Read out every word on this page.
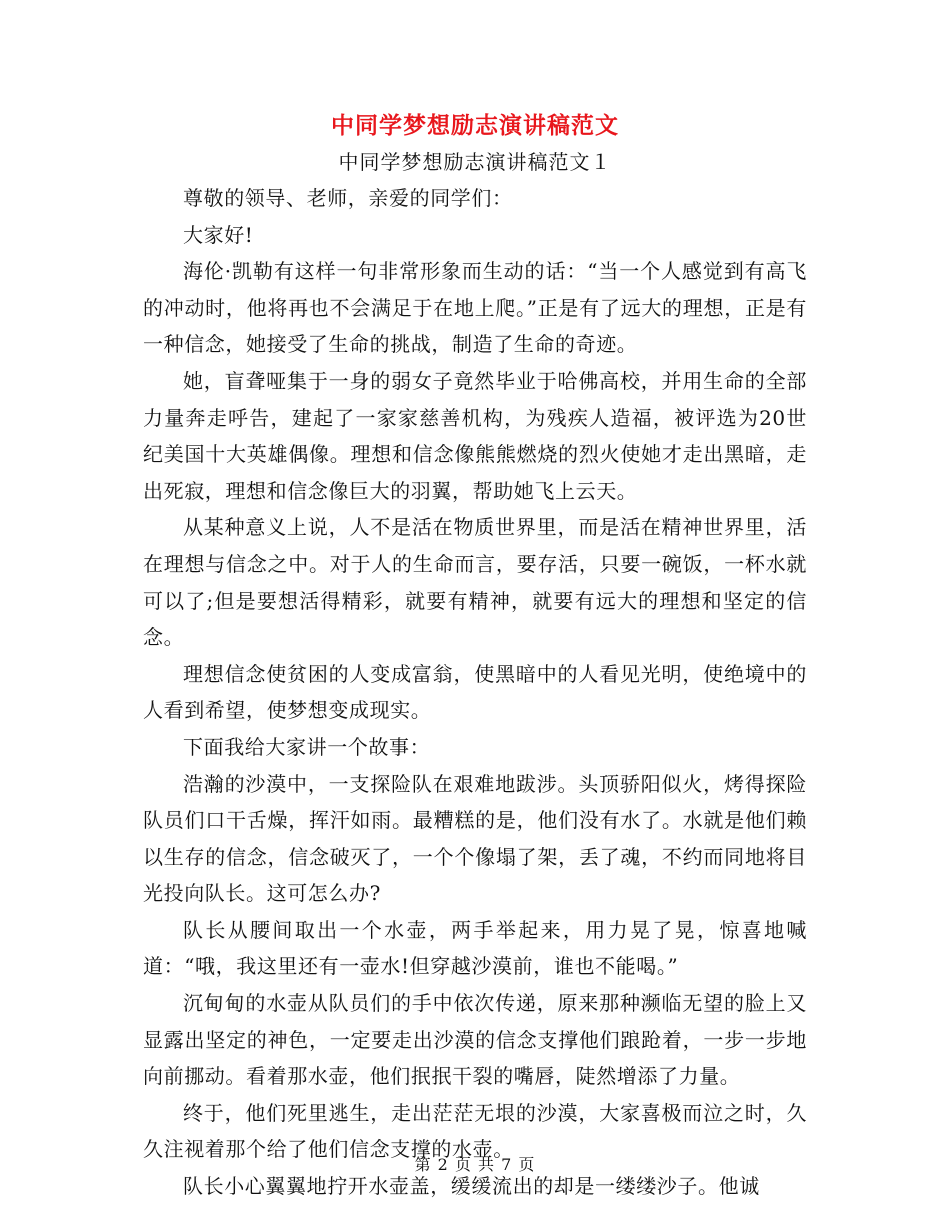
中同学梦想励志演讲稿范文
中同学梦想励志演讲稿范文１

尊敬的领导、老师，亲爱的同学们：

大家好!

海伦·凯勒有这样一句非常形象而生动的话：“当一个人感觉到有高飞的冲动时，他将再也不会满足于在地上爬。”正是有了远大的理想，正是有一种信念，她接受了生命的挑战，制造了生命的奇迹。

她，盲聋哑集于一身的弱女子竟然毕业于哈佛高校，并用生命的全部力量奔走呼告，建起了一家家慈善机构，为残疾人造福，被评选为20世纪美国十大英雄偶像。理想和信念像熊熊燃烧的烈火使她才走出黑暗，走出死寂，理想和信念像巨大的羽翼，帮助她飞上云天。

从某种意义上说，人不是活在物质世界里，而是活在精神世界里，活在理想与信念之中。对于人的生命而言，要存活，只要一碗饭，一杯水就可以了;但是要想活得精彩，就要有精神，就要有远大的理想和坚定的信念。

理想信念使贫困的人变成富翁，使黑暗中的人看见光明，使绝境中的人看到希望，使梦想变成现实。

下面我给大家讲一个故事：

浩瀚的沙漠中，一支探险队在艰难地跋涉。头顶骄阳似火，烤得探险队员们口干舌燥，挥汗如雨。最糟糕的是，他们没有水了。水就是他们赖以生存的信念，信念破灭了，一个个像塌了架，丢了魂，不约而同地将目光投向队长。这可怎么办?

队长从腰间取出一个水壶，两手举起来，用力晃了晃，惊喜地喊道：“哦，我这里还有一壶水!但穿越沙漠前，谁也不能喝。”

沉甸甸的水壶从队员们的手中依次传递，原来那种濒临无望的脸上又显露出坚定的神色，一定要走出沙漠的信念支撑他们踉跄着，一步一步地向前挪动。看着那水壶，他们抿抿干裂的嘴唇，陡然增添了力量。

终于，他们死里逃生，走出茫茫无垠的沙漠，大家喜极而泣之时，久久注视着那个给了他们信念支撑的水壶。

队长小心翼翼地拧开水壶盖，缓缓流出的却是一缕缕沙子。他诚

第 2 页 共 7 页
